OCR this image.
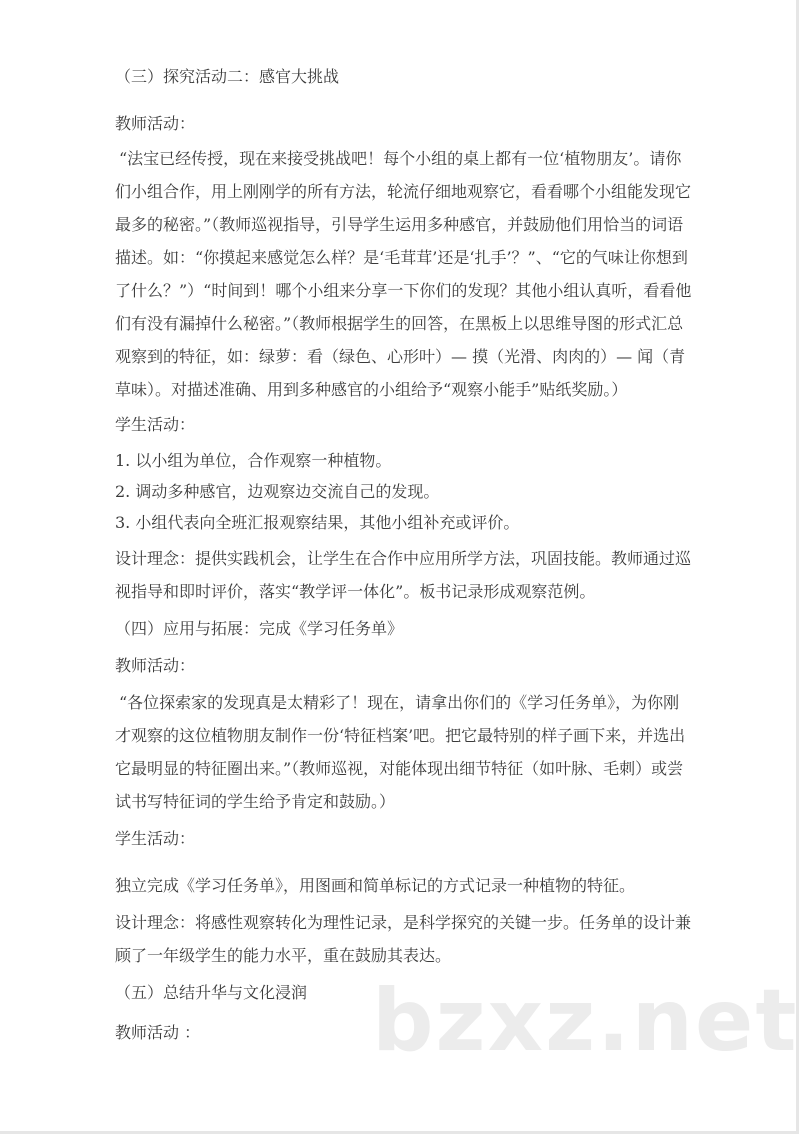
（三）探究活动二：感官大挑战

教师活动：

“法宝已经传授，现在来接受挑战吧！每个小组的桌上都有一位‘植物朋友’。请你们小组合作，用上刚刚学的所有方法，轮流仔细地观察它，看看哪个小组能发现它最多的秘密。”（教师巡视指导，引导学生运用多种感官，并鼓励他们用恰当的词语描述。如：“你摸起来感觉怎么样？是‘毛茸茸’还是‘扎手’？”、“它的气味让你想到了什么？”）“时间到！哪个小组来分享一下你们的发现？其他小组认真听，看看他们有没有漏掉什么秘密。”（教师根据学生的回答，在黑板上以思维导图的形式汇总观察到的特征，如：绿萝：看（绿色、心形叶）— 摸（光滑、肉肉的）— 闻（青草味）。对描述准确、用到多种感官的小组给予“观察小能手”贴纸奖励。）

学生活动：

1. 以小组为单位，合作观察一种植物。

2. 调动多种感官，边观察边交流自己的发现。

3. 小组代表向全班汇报观察结果，其他小组补充或评价。

设计理念：提供实践机会，让学生在合作中应用所学方法，巩固技能。教师通过巡视指导和即时评价，落实“教学评一体化”。板书记录形成观察范例。

（四）应用与拓展：完成《学习任务单》

教师活动：

“各位探索家的发现真是太精彩了！现在，请拿出你们的《学习任务单》，为你刚才观察的这位植物朋友制作一份‘特征档案’吧。把它最特别的样子画下来，并选出它最明显的特征圈出来。”（教师巡视，对能体现出细节特征（如叶脉、毛刺）或尝试书写特征词的学生给予肯定和鼓励。）

学生活动：

独立完成《学习任务单》，用图画和简单标记的方式记录一种植物的特征。

设计理念：将感性观察转化为理性记录，是科学探究的关键一步。任务单的设计兼顾了一年级学生的能力水平，重在鼓励其表达。

（五）总结升华与文化浸润

教师活动 ：	bzxz.net
